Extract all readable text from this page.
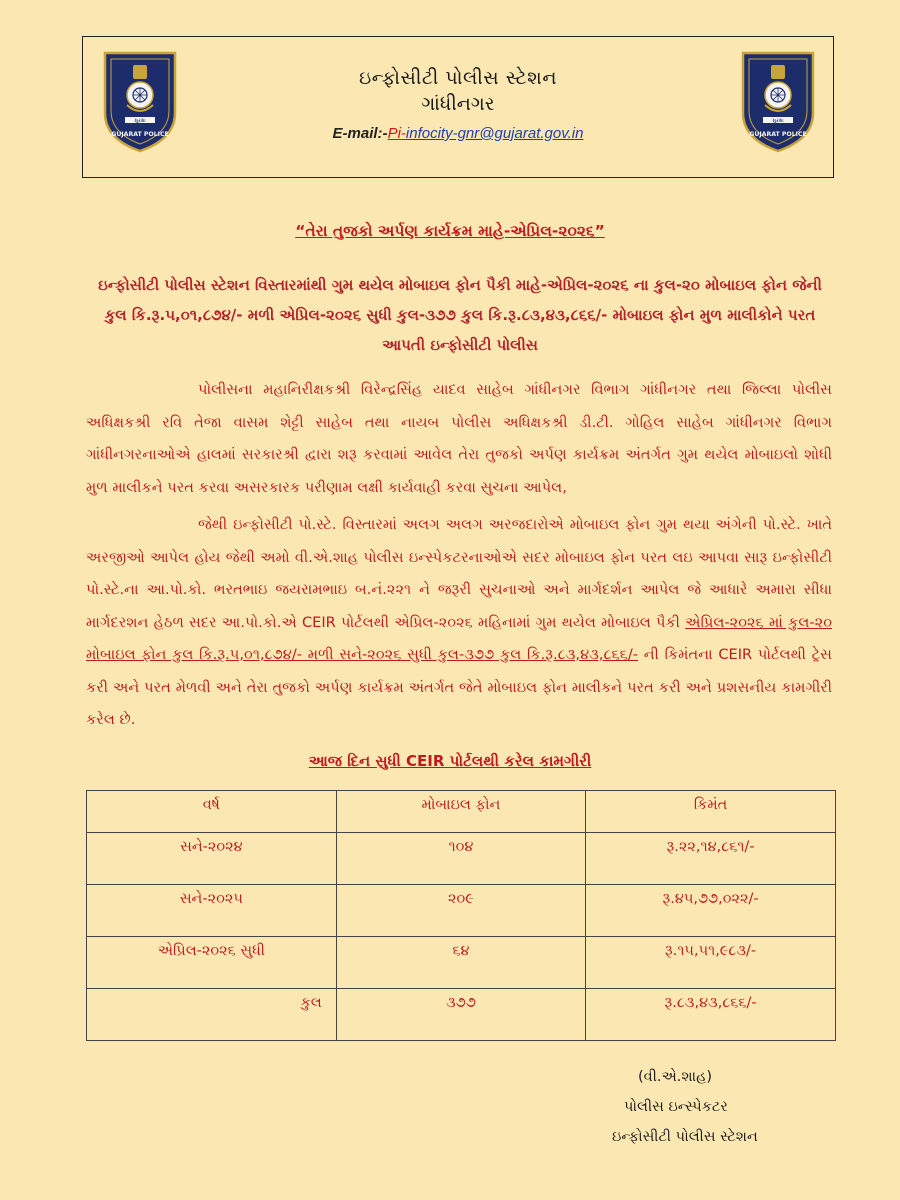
સુરક્ષા
GUJARAT POLICE
ઇન્ફોસીટી પોલીસ સ્ટેશન
ગાંધીનગર
E-mail:-Pi-infocity-gnr@gujarat.gov.in
સુરક્ષા
GUJARAT POLICE
“તેરા તુજકો અર્પણ કાર્યક્રમ માહે-એપ્રિલ-૨૦૨૬”
ઇન્ફોસીટી પોલીસ સ્ટેશન વિસ્તારમાંથી ગુમ થયેલ મોબાઇલ ફોન પૈકી માહે-એપ્રિલ-૨૦૨૬ ના કુલ-૨૦ મોબાઇલ ફોન જેની કુલ કિ.રૂ.૫,૦૧,૮૭૪/- મળી એપ્રિલ-૨૦૨૬ સુધી કુલ-૩૭૭ કુલ કિ.રૂ.૮૩,૪૩,૮૬૬/- મોબાઇલ ફોન મુળ માલીકોને પરત આપતી ઇન્ફોસીટી પોલીસ
પોલીસના મહાનિરીક્ષકશ્રી વિરેન્દ્રસિંહ યાદવ સાહેબ ગાંધીનગર વિભાગ ગાંધીનગર તથા જિલ્લા પોલીસ અધિક્ષકશ્રી રવિ તેજા વાસમ શેટ્ટી સાહેબ તથા નાયબ પોલીસ અધિક્ષકશ્રી ડી.ટી. ગોહિલ સાહેબ ગાંધીનગર વિભાગ ગાંધીનગરનાઓએ હાલમાં સરકારશ્રી દ્વારા શરૂ કરવામાં આવેલ તેરા તુજકો અર્પણ કાર્યક્રમ અંતર્ગત ગુમ થયેલ મોબાઇલો શોધી મુળ માલીકને પરત કરવા અસરકારક પરીણામ લક્ષી કાર્યવાહી કરવા સુચના આપેલ,
જેથી ઇન્ફોસીટી પો.સ્ટે. વિસ્તારમાં અલગ અલગ અરજદારોએ મોબાઇલ ફોન ગુમ થયા અંગેની પો.સ્ટે. ખાતે અરજીઓ આપેલ હોય જેથી અમો વી.એ.શાહ પોલીસ ઇન્સ્પેકટરનાઓએ સદર મોબાઇલ ફોન પરત લઇ આપવા સારૂ ઇન્ફોસીટી પો.સ્ટે.ના આ.પો.કો. ભરતભાઇ જયરામભાઇ બ.નં.૨૨૧ ને જરૂરી સુચનાઓ અને માર્ગદર્શન આપેલ જે આધારે અમારા સીધા માર્ગદરશન હેઠળ સદર આ.પો.કો.એ CEIR પોર્ટલથી એપ્રિલ-૨૦૨૬ મહિનામાં ગુમ થયેલ મોબાઇલ પૈકી એપ્રિલ-૨૦૨૬ માં કુલ-૨૦ મોબાઇલ ફોન કુલ કિ.રૂ.૫,૦૧,૮૭૪/- મળી સને-૨૦૨૬ સુધી કુલ-૩૭૭ કુલ કિ.રૂ.૮૩,૪૩,૮૬૬/- ની કિમંતના CEIR પોર્ટલથી ટ્રેસ કરી અને પરત મેળવી અને તેરા તુજકો અર્પણ કાર્યક્રમ અંતર્ગત જેતે મોબાઇલ ફોન માલીકને પરત કરી અને પ્રશસનીય કામગીરી કરેલ છે.
આજ દિન સુધી CEIR પોર્ટલથી કરેલ કામગીરી
વર્ષ	મોબાઇલ ફોન	કિમંત
સને-૨૦૨૪	૧૦૪	રૂ.૨૨,૧૪,૮૬૧/-
સને-૨૦૨૫	૨૦૯	રૂ.૪૫,૭૭,૦૨૨/-
એપ્રિલ-૨૦૨૬ સુધી	૬૪	રૂ.૧૫,૫૧,૯૮૩/-
કુલ	૩૭૭	રૂ.૮૩,૪૩,૮૬૬/-
(વી.એ.શાહ)
પોલીસ ઇન્સ્પેકટર
ઇન્ફોસીટી પોલીસ સ્ટેશન
